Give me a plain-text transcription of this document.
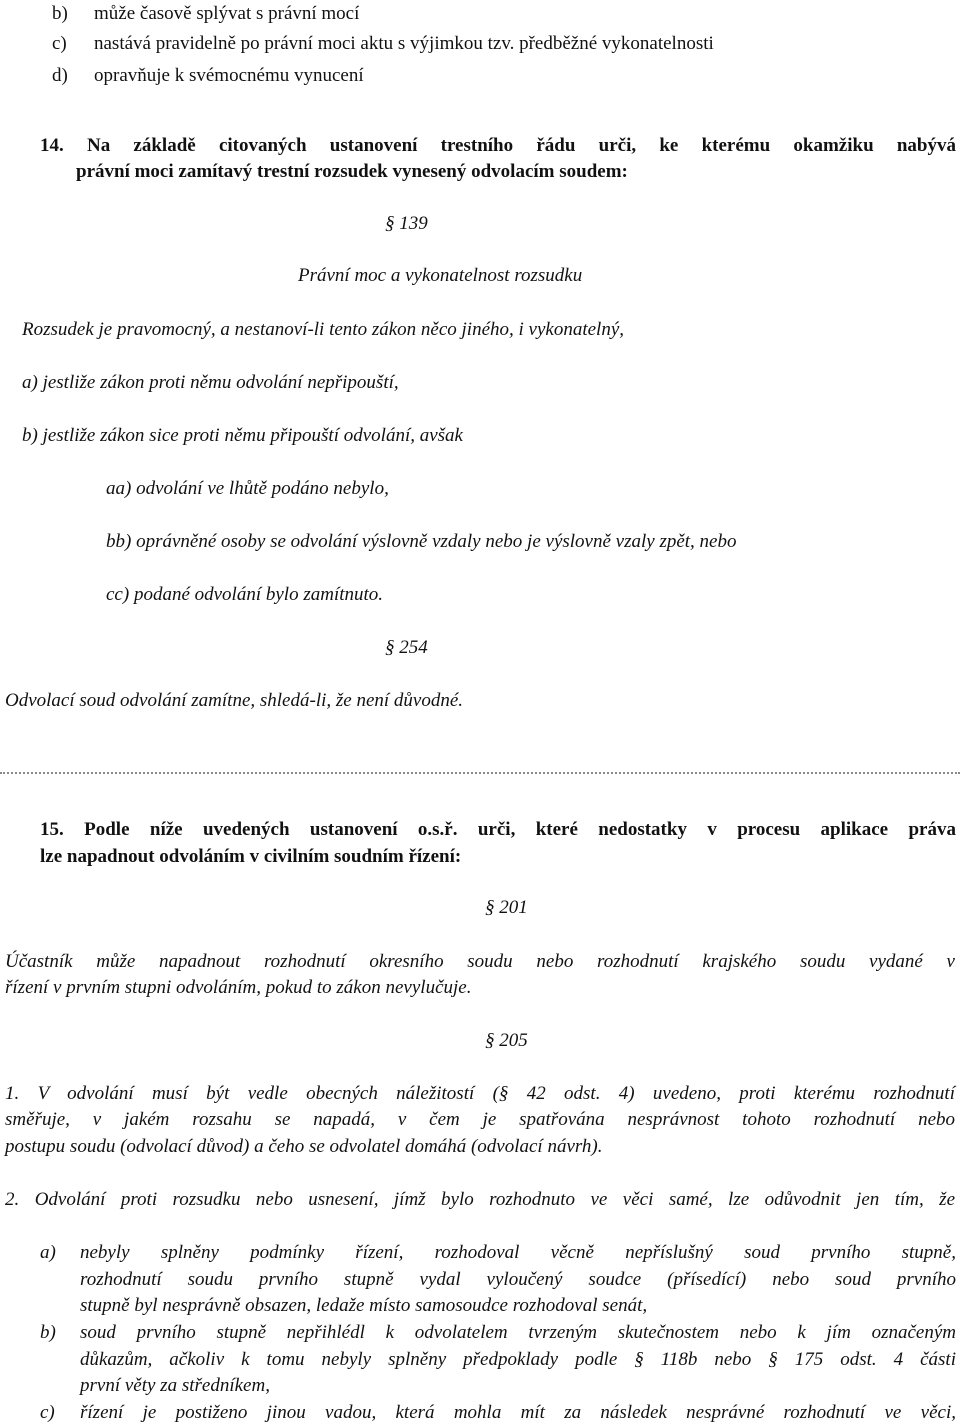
b) může časově splývat s právní mocí
c) nastává pravidelně po právní moci aktu s výjimkou tzv. předběžné vykonatelnosti
d) opravňuje k svémocnému vynucení
14. Na základě citovaných ustanovení trestního řádu urči, ke kterému okamžiku nabývá
právní moci zamítavý trestní rozsudek vynesený odvolacím soudem:
§ 139
Právní moc a vykonatelnost rozsudku
Rozsudek je pravomocný, a nestanoví-li tento zákon něco jiného, i vykonatelný,
a) jestliže zákon proti němu odvolání nepřipouští,
b) jestliže zákon sice proti němu připouští odvolání, avšak
aa) odvolání ve lhůtě podáno nebylo,
bb) oprávněné osoby se odvolání výslovně vzdaly nebo je výslovně vzaly zpět, nebo
cc) podané odvolání bylo zamítnuto.
§ 254
Odvolací soud odvolání zamítne, shledá-li, že není důvodné.
15. Podle níže uvedených ustanovení o.s.ř. urči, které nedostatky v procesu aplikace práva
lze napadnout odvoláním v civilním soudním řízení:
§ 201
Účastník může napadnout rozhodnutí okresního soudu nebo rozhodnutí krajského soudu vydané v
řízení v prvním stupni odvoláním, pokud to zákon nevylučuje.
§ 205
1. V odvolání musí být vedle obecných náležitostí (§ 42 odst. 4) uvedeno, proti kterému rozhodnutí
směřuje, v jakém rozsahu se napadá, v čem je spatřována nesprávnost tohoto rozhodnutí nebo
postupu soudu (odvolací důvod) a čeho se odvolatel domáhá (odvolací návrh).
2. Odvolání proti rozsudku nebo usnesení, jímž bylo rozhodnuto ve věci samé, lze odůvodnit jen tím, že
a) nebyly splněny podmínky řízení, rozhodoval věcně nepříslušný soud prvního stupně,
rozhodnutí soudu prvního stupně vydal vyloučený soudce (přísedící) nebo soud prvního
stupně byl nesprávně obsazen, ledaže místo samosoudce rozhodoval senát,
b) soud prvního stupně nepřihlédl k odvolatelem tvrzeným skutečnostem nebo k jím označeným
důkazům, ačkoliv k tomu nebyly splněny předpoklady podle § 118b nebo § 175 odst. 4 části
první věty za středníkem,
c) řízení je postiženo jinou vadou, která mohla mít za následek nesprávné rozhodnutí ve věci,
